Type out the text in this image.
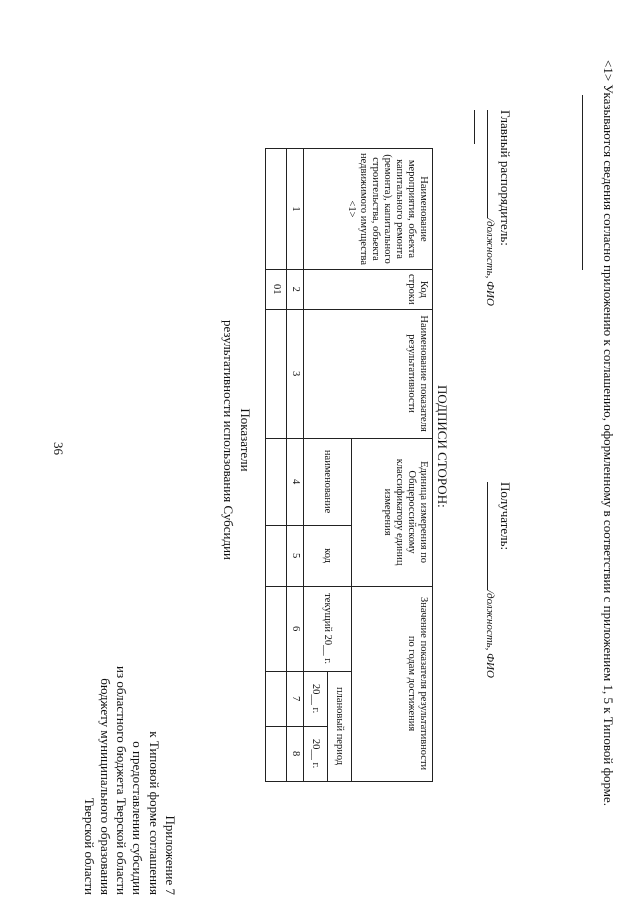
36
Приложение 7
к Типовой форме соглашения
о предоставлении субсидии
из областного бюджета Тверской области
бюджету муниципального образования
Тверской области
Показатели
результативности использования Субсидии
Наименование мероприятия, объекта капитального ремонта (ремонта), капитального строительства, объекта недвижимого имущества <1>	Код строки	Наименование показателя результативности	Единица измерения по Общероссийскому классификатору единиц измерения		Значение показателя результативности по годам достижения		
			наименование	код	текущий 20__ г.	плановый период	
						20__ г.	20__ г.
1	2	3	4	5	6	7	8
	01						
ПОДПИСИ СТОРОН:
Главный распорядитель:
/должность, ФИО
Получатель:
/должность, ФИО	<1> Указываются сведения согласно приложению к соглашению, оформленному в соответствии с приложением 1, 5 к Типовой форме.
